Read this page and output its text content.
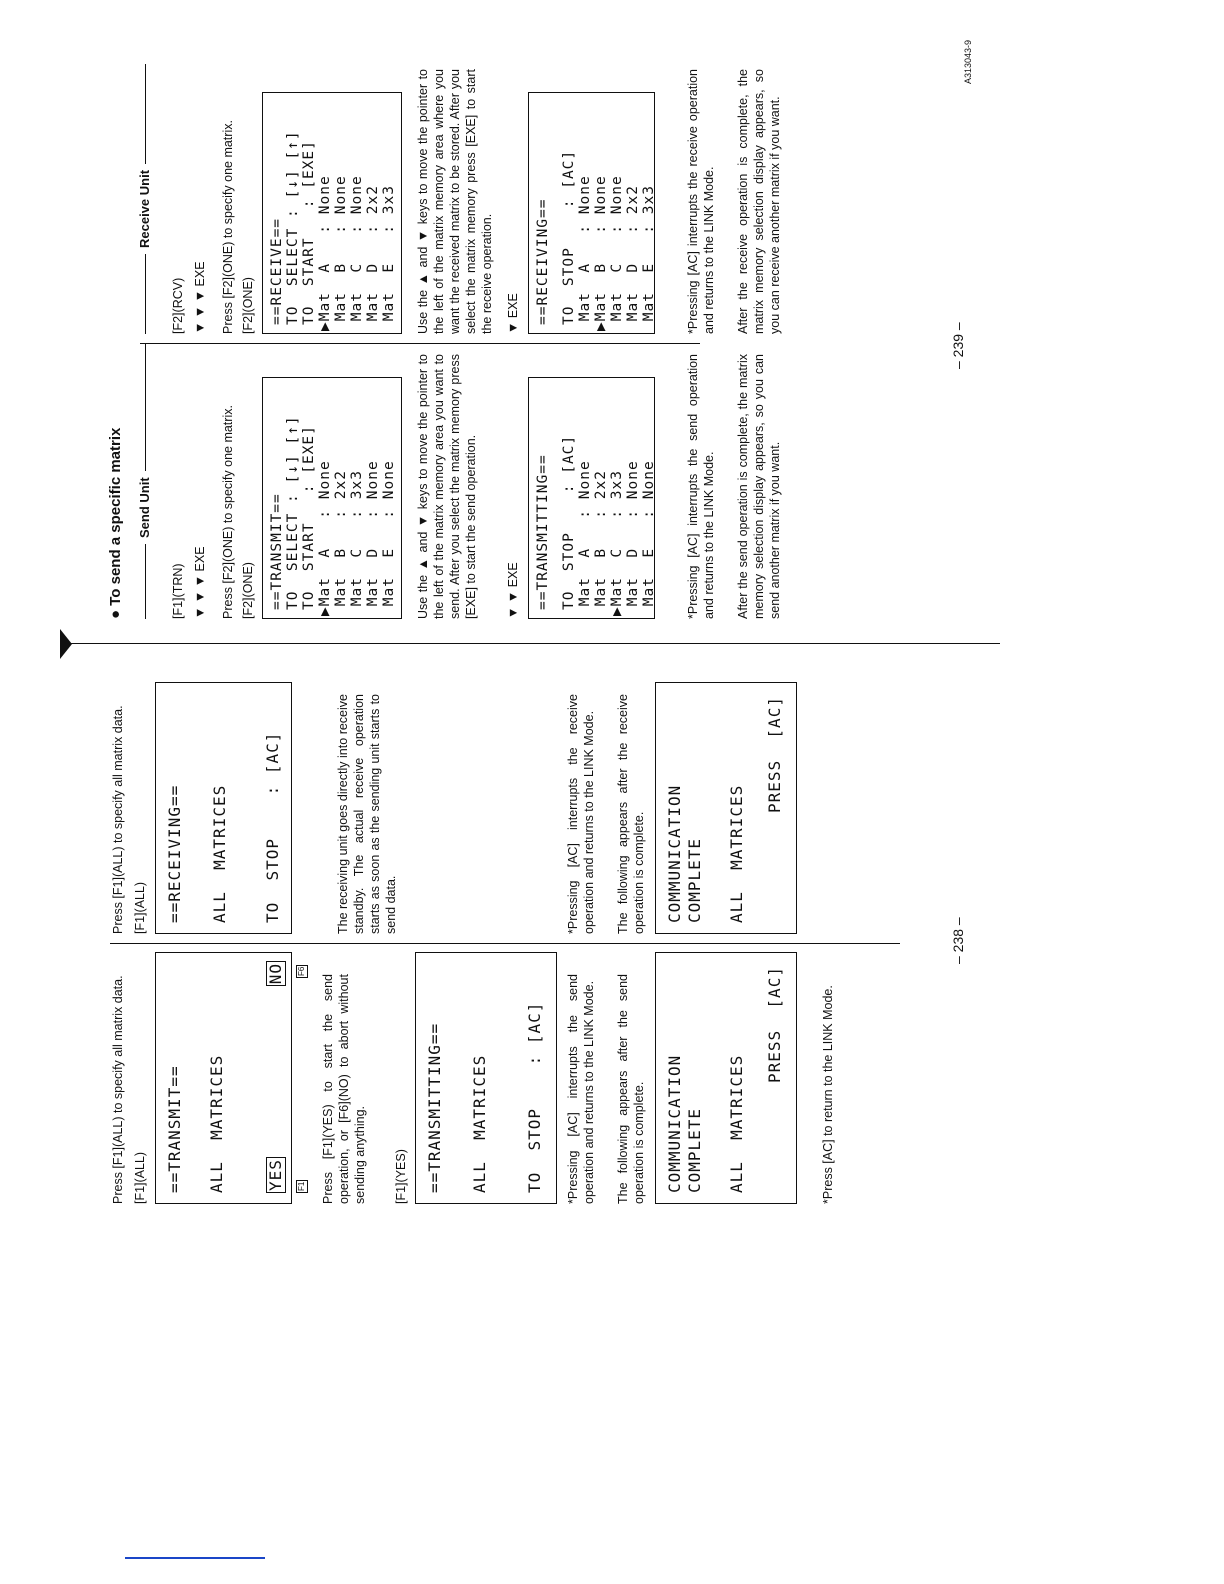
Press [F1](ALL) to specify all matrix data. [F1](ALL) ==TRANSMIT== ALL  MATRICES	YES
NO
F1
F6

Press [F1](YES) to start the send operation, or [F6](NO) to abort without sending anything. [F1](YES) ==TRANSMITTING== ALL  MATRICES TO  STOP    : [AC] *Pressing [AC] interrupts the send operation and returns to the LINK Mode. The following appears after the send operation is complete. COMMUNICATION COMPLETE ALL  MATRICES

PRESS  [AC]	*Press [AC] to return to the LINK Mode.

Press [F1](ALL) to specify all matrix data. [F1](ALL) ==RECEIVING== ALL  MATRICES TO  STOP    : [AC]	The receiving unit goes directly into receive standby. The actual receive operation starts as soon as the sending unit starts to send data.	*Pressing [AC] interrupts the receive operation and returns to the LINK Mode. The following appears after the receive operation is complete. COMMUNICATION COMPLETE ALL  MATRICES

PRESS  [AC]

– 238 –

● To send a specific matrix Send Unit
Receive Unit

[F1](TRN) ▼ ▼ ▼ EXE Press [F2](ONE) to specify one matrix. [F2](ONE) ==TRANSMIT== TO  SELECT : [↓] [↑] TO  START   : [EXE] ▶Mat  A   : None Mat  B   : 2x2 Mat  C   : 3x3 Mat  D   : None Mat  E   : None Use the ▲ and ▼ keys to move the pointer to the left of the matrix memory area you want to send. After you select the matrix memory press [EXE] to start the send operation. ▼ ▼ EXE ==TRANSMITTING== TO  STOP    : [AC] Mat  A   : None Mat  B   : 2x2 ▶Mat  C   : 3x3 Mat  D   : None Mat  E   : None *Pressing [AC] interrupts the send operation and returns to the LINK Mode. After the send operation is complete, the matrix memory selection display appears, so you can send another matrix if you want.

[F2](RCV) ▼ ▼ ▼ EXE Press [F2](ONE) to specify one matrix. [F2](ONE) ==RECEIVE== TO  SELECT : [↓] [↑] TO  START   : [EXE] ▶Mat  A   : None Mat  B   : None Mat  C   : None Mat  D   : 2x2 Mat  E   : 3x3 Use the ▲ and ▼ keys to move the pointer to the left of the matrix memory area where you want the received matrix to be stored. After you select the matrix memory press [EXE] to start the receive operation. ▼ EXE ==RECEIVING== TO  STOP    : [AC] Mat  A   : None ▶Mat  B   : None Mat  C   : None Mat  D   : 2x2 Mat  E   : 3x3 *Pressing [AC] interrupts the receive operation and returns to the LINK Mode. After the receive operation is complete, the matrix memory selection display appears, so you can receive another matrix if you want.

– 239 –

A313043-9
